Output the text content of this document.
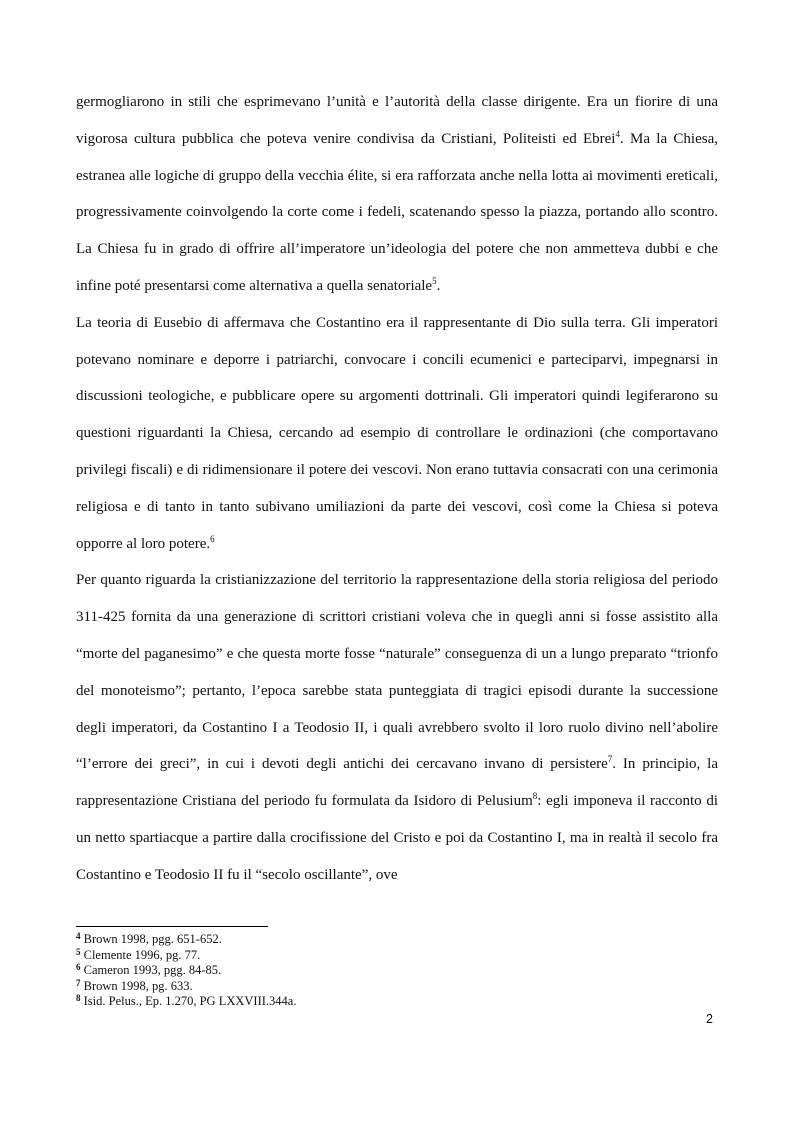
germogliarono in stili che esprimevano l’unità e l’autorità della classe dirigente. Era un fiorire di una vigorosa cultura pubblica che poteva venire condivisa da Cristiani, Politeisti ed Ebrei$^4$. Ma la Chiesa, estranea alle logiche di gruppo della vecchia élite, si era rafforzata anche nella lotta ai movimenti ereticali, progressivamente coinvolgendo la corte come i fedeli, scatenando spesso la piazza, portando allo scontro. La Chiesa fu in grado di offrire all’imperatore un’ideologia del potere che non ammetteva dubbi e che infine poté presentarsi come alternativa a quella senatoriale$^5$.

La teoria di Eusebio di affermava che Costantino era il rappresentante di Dio sulla terra. Gli imperatori potevano nominare e deporre i patriarchi, convocare i concili ecumenici e parteciparvi, impegnarsi in discussioni teologiche, e pubblicare opere su argomenti dottrinali. Gli imperatori quindi legiferarono su questioni riguardanti la Chiesa, cercando ad esempio di controllare le ordinazioni (che comportavano privilegi fiscali) e di ridimensionare il potere dei vescovi. Non erano tuttavia consacrati con una cerimonia religiosa e di tanto in tanto subivano umiliazioni da parte dei vescovi, così come la Chiesa si poteva opporre al loro potere.$^6$

Per quanto riguarda la cristianizzazione del territorio la rappresentazione della storia religiosa del periodo 311-425 fornita da una generazione di scrittori cristiani voleva che in quegli anni si fosse assistito alla “morte del paganesimo” e che questa morte fosse “naturale” conseguenza di un a lungo preparato “trionfo del monoteismo”; pertanto, l’epoca sarebbe stata punteggiata di tragici episodi durante la successione degli imperatori, da Costantino I a Teodosio II, i quali avrebbero svolto il loro ruolo divino nell’abolire “l’errore dei greci”, in cui i devoti degli antichi dei cercavano invano di persistere$^7$. In principio, la rappresentazione Cristiana del periodo fu formulata da Isidoro di Pelusium$^8$: egli imponeva il racconto di un netto spartiacque a partire dalla crocifissione del Cristo e poi da Costantino I, ma in realtà il secolo fra Costantino e Teodosio II fu il “secolo oscillante”, ove

$^4$ Brown 1998, pgg. 651-652.
$^5$ Clemente 1996, pg. 77.
$^6$ Cameron 1993, pgg. 84-85.
$^7$ Brown 1998, pg. 633.
$^8$ Isid. Pelus., Ep. 1.270, PG LXXVIII.344a.
2
